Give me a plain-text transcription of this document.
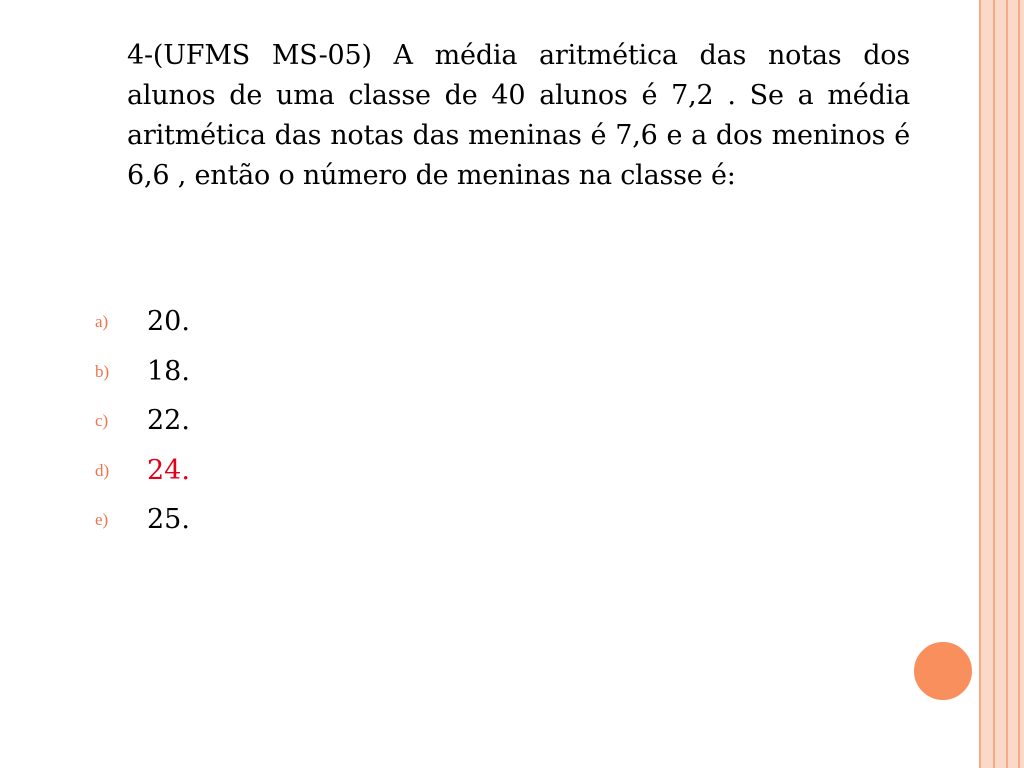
4-(UFMS MS-05) A média aritmética das notas dos alunos de uma classe de 40 alunos é 7,2 . Se a média aritmética das notas das meninas é 7,6 e a dos meninos é 6,6 , então o número de meninas na classe é:

a)	20.
b)	18.
c)	22.
d)	24.
e)	25.
